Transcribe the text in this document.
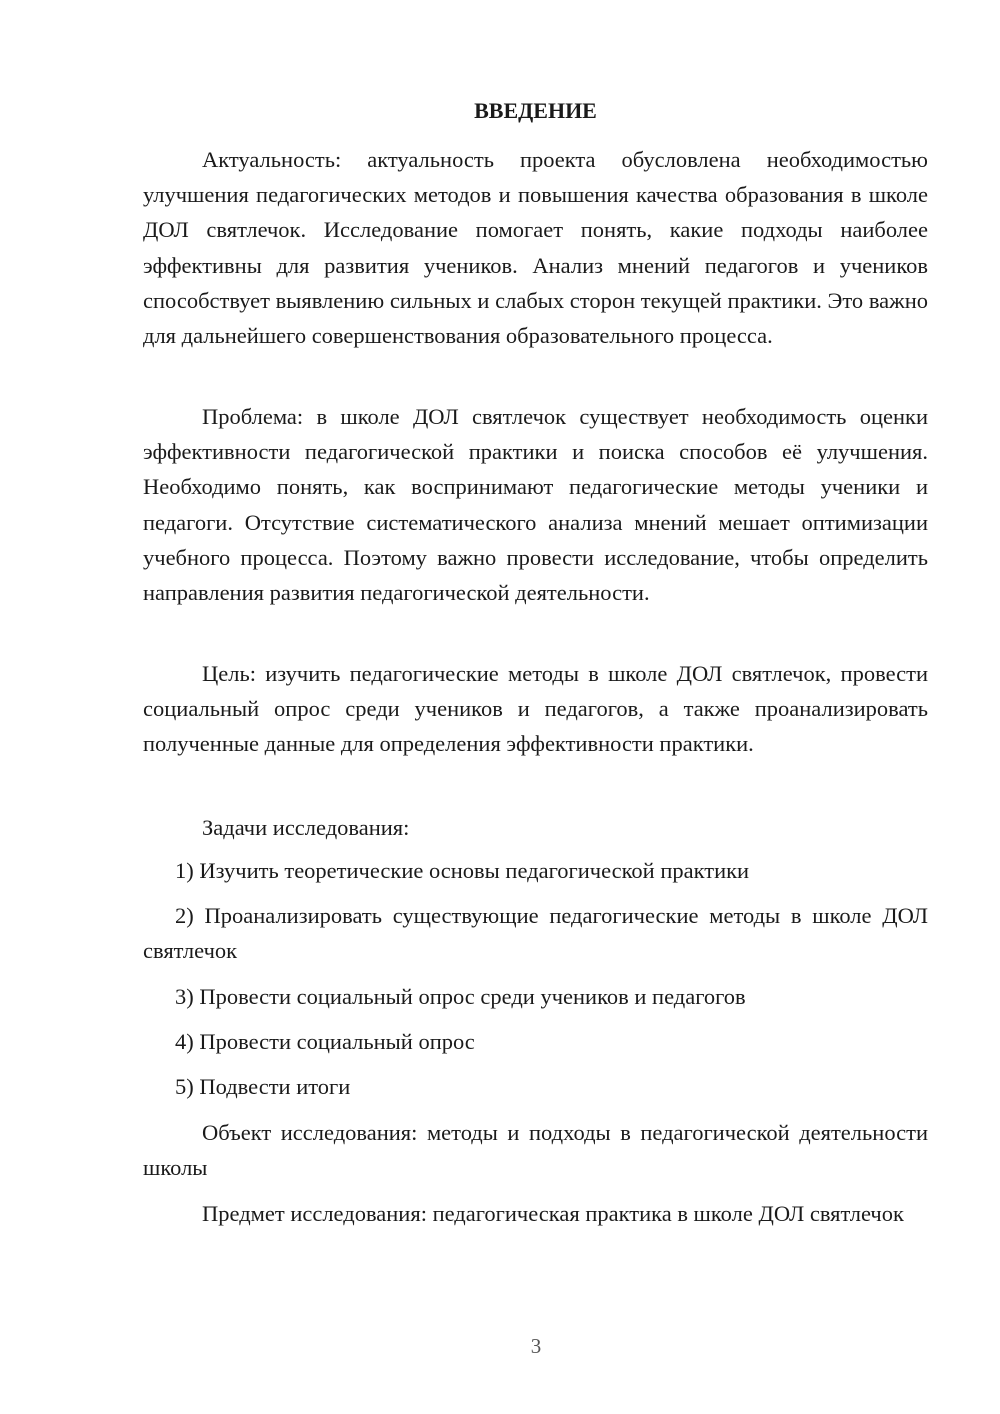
ВВЕДЕНИЕ

Актуальность: актуальность проекта обусловлена необходимостью улучшения педагогических методов и повышения качества образования в школе ДОЛ святлечок. Исследование помогает понять, какие подходы наиболее эффективны для развития учеников. Анализ мнений педагогов и учеников способствует выявлению сильных и слабых сторон текущей практики. Это важно для дальнейшего совершенствования образовательного процесса.

Проблема: в школе ДОЛ святлечок существует необходимость оценки эффективности педагогической практики и поиска способов её улучшения. Необходимо понять, как воспринимают педагогические методы ученики и педагоги. Отсутствие систематического анализа мнений мешает оптимизации учебного процесса. Поэтому важно провести исследование, чтобы определить направления развития педагогической деятельности.

Цель: изучить педагогические методы в школе ДОЛ святлечок, провести социальный опрос среди учеников и педагогов, а также проанализировать полученные данные для определения эффективности практики.

Задачи исследования:

1) Изучить теоретические основы педагогической практики

2) Проанализировать существующие педагогические методы в школе ДОЛ святлечок

3) Провести социальный опрос среди учеников и педагогов

4) Провести социальный опрос

5) Подвести итоги

Объект исследования: методы и подходы в педагогической деятельности школы

Предмет исследования: педагогическая практика в школе ДОЛ святлечок

3
